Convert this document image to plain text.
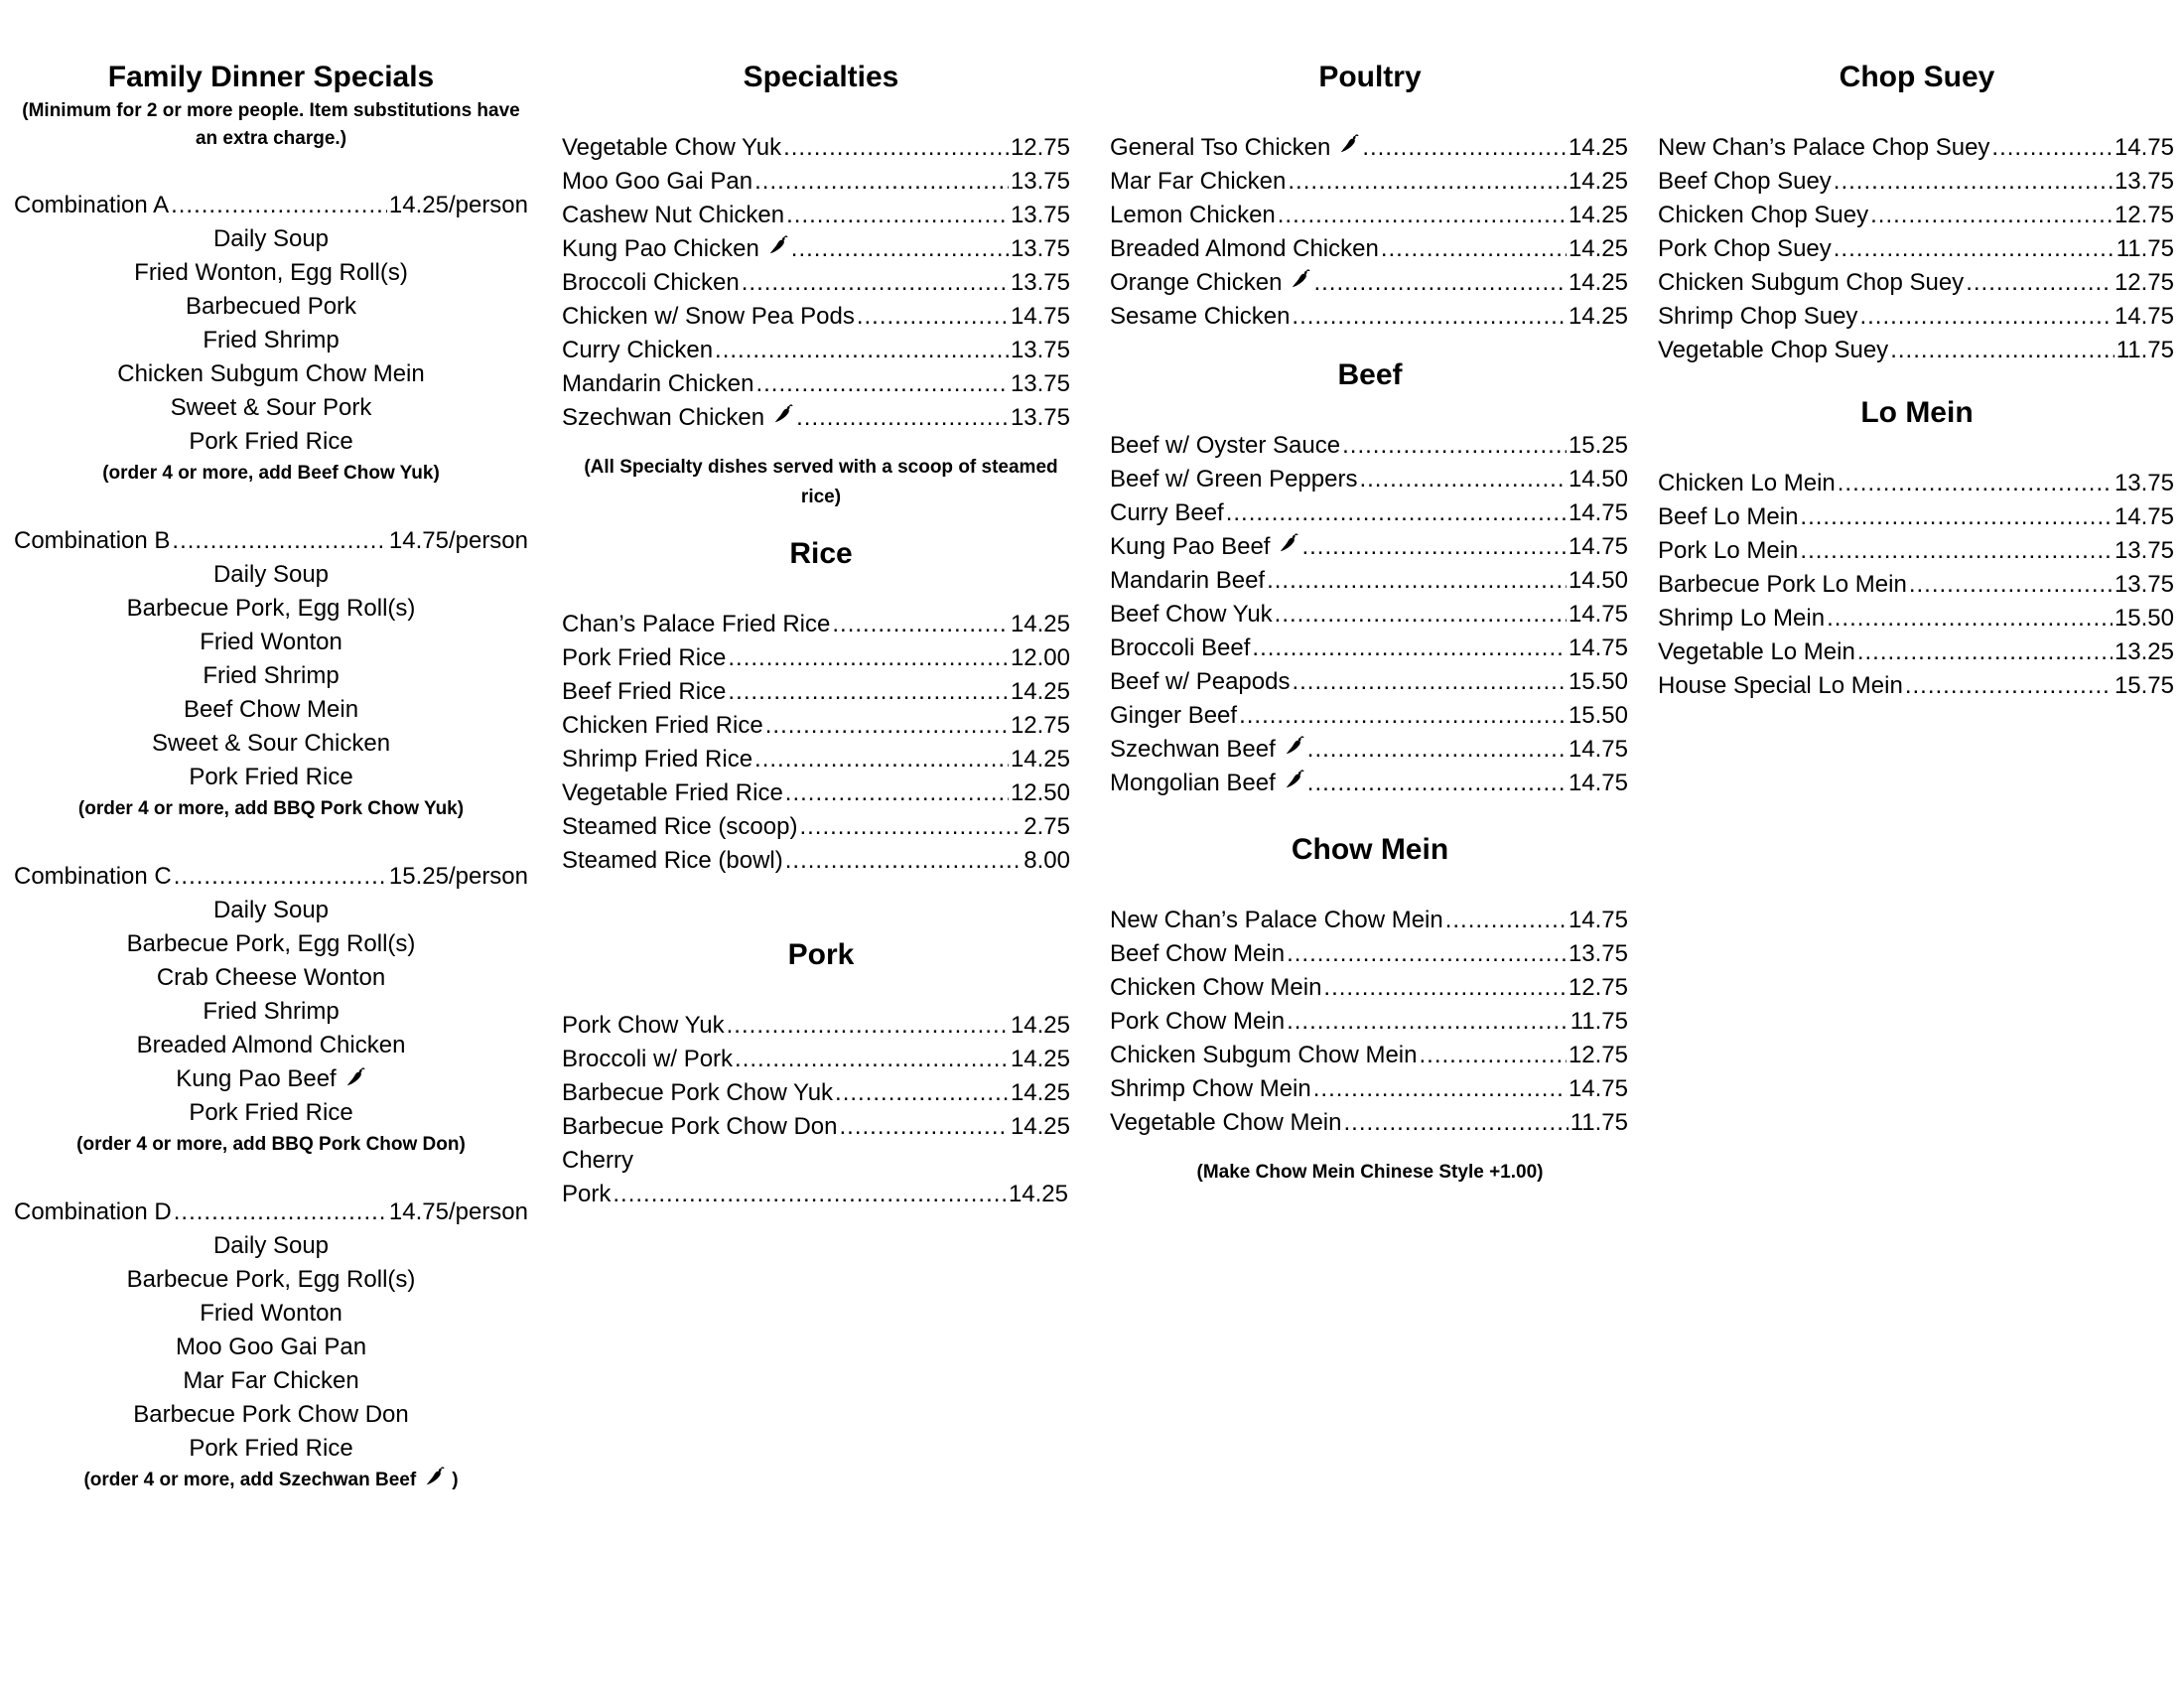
Family Dinner Specials
(Minimum for 2 or more people. Item substitutions have an extra charge.)
Combination A .....	14.25/person
Daily Soup
Fried Wonton, Egg Roll(s)
Barbecued Pork
Fried Shrimp
Chicken Subgum Chow Mein
Sweet & Sour Pork
Pork Fried Rice
(order 4 or more, add Beef Chow Yuk)
Combination B .....	14.75/person
Daily Soup
Barbecue Pork, Egg Roll(s)
Fried Wonton
Fried Shrimp
Beef Chow Mein
Sweet & Sour Chicken
Pork Fried Rice
(order 4 or more, add BBQ Pork Chow Yuk)
Combination C .....	15.25/person
Daily Soup
Barbecue Pork, Egg Roll(s)
Crab Cheese Wonton
Fried Shrimp
Breaded Almond Chicken
Kung Pao Beef
Pork Fried Rice
(order 4 or more, add BBQ Pork Chow Don)
Combination D .....	14.75/person
Daily Soup
Barbecue Pork, Egg Roll(s)
Fried Wonton
Moo Goo Gai Pan
Mar Far Chicken
Barbecue Pork Chow Don
Pork Fried Rice
(order 4 or more, add Szechwan Beef )
Specialties
Vegetable Chow Yuk .....	12.75
Moo Goo Gai Pan .....	13.75
Cashew Nut Chicken .....	13.75
Kung Pao Chicken .....	13.75
Broccoli Chicken .....	13.75
Chicken w/ Snow Pea Pods .....	14.75
Curry Chicken .....	13.75
Mandarin Chicken .....	13.75
Szechwan Chicken .....	13.75
(All Specialty dishes served with a scoop of steamed rice)
Rice
Chan’s Palace Fried Rice .....	14.25
Pork Fried Rice .....	12.00
Beef Fried Rice .....	14.25
Chicken Fried Rice .....	12.75
Shrimp Fried Rice .....	14.25
Vegetable Fried Rice .....	12.50
Steamed Rice (scoop) .....	2.75
Steamed Rice (bowl) .....	8.00
Pork
Pork Chow Yuk .....	14.25
Broccoli w/ Pork .....	14.25
Barbecue Pork Chow Yuk .....	14.25
Barbecue Pork Chow Don .....	14.25
Cherry
Pork .....	14.25
Poultry
General Tso Chicken .....	14.25
Mar Far Chicken .....	14.25
Lemon Chicken .....	14.25
Breaded Almond Chicken .....	14.25
Orange Chicken .....	14.25
Sesame Chicken .....	14.25
Beef
Beef w/ Oyster Sauce .....	15.25
Beef w/ Green Peppers .....	14.50
Curry Beef .....	14.75
Kung Pao Beef .....	14.75
Mandarin Beef .....	14.50
Beef Chow Yuk .....	14.75
Broccoli Beef .....	14.75
Beef w/ Peapods .....	15.50
Ginger Beef .....	15.50
Szechwan Beef .....	14.75
Mongolian Beef .....	14.75
Chow Mein
New Chan’s Palace Chow Mein .....	14.75
Beef Chow Mein .....	13.75
Chicken Chow Mein .....	12.75
Pork Chow Mein .....	11.75
Chicken Subgum Chow Mein .....	12.75
Shrimp Chow Mein .....	14.75
Vegetable Chow Mein .....	11.75
(Make Chow Mein Chinese Style +1.00)
Chop Suey
New Chan’s Palace Chop Suey .....	14.75
Beef Chop Suey .....	13.75
Chicken Chop Suey .....	12.75
Pork Chop Suey .....	11.75
Chicken Subgum Chop Suey .....	12.75
Shrimp Chop Suey .....	14.75
Vegetable Chop Suey .....	11.75
Lo Mein
Chicken Lo Mein .....	13.75
Beef Lo Mein .....	14.75
Pork Lo Mein .....	13.75
Barbecue Pork Lo Mein .....	13.75
Shrimp Lo Mein .....	15.50
Vegetable Lo Mein .....	13.25
House Special Lo Mein .....	15.75
